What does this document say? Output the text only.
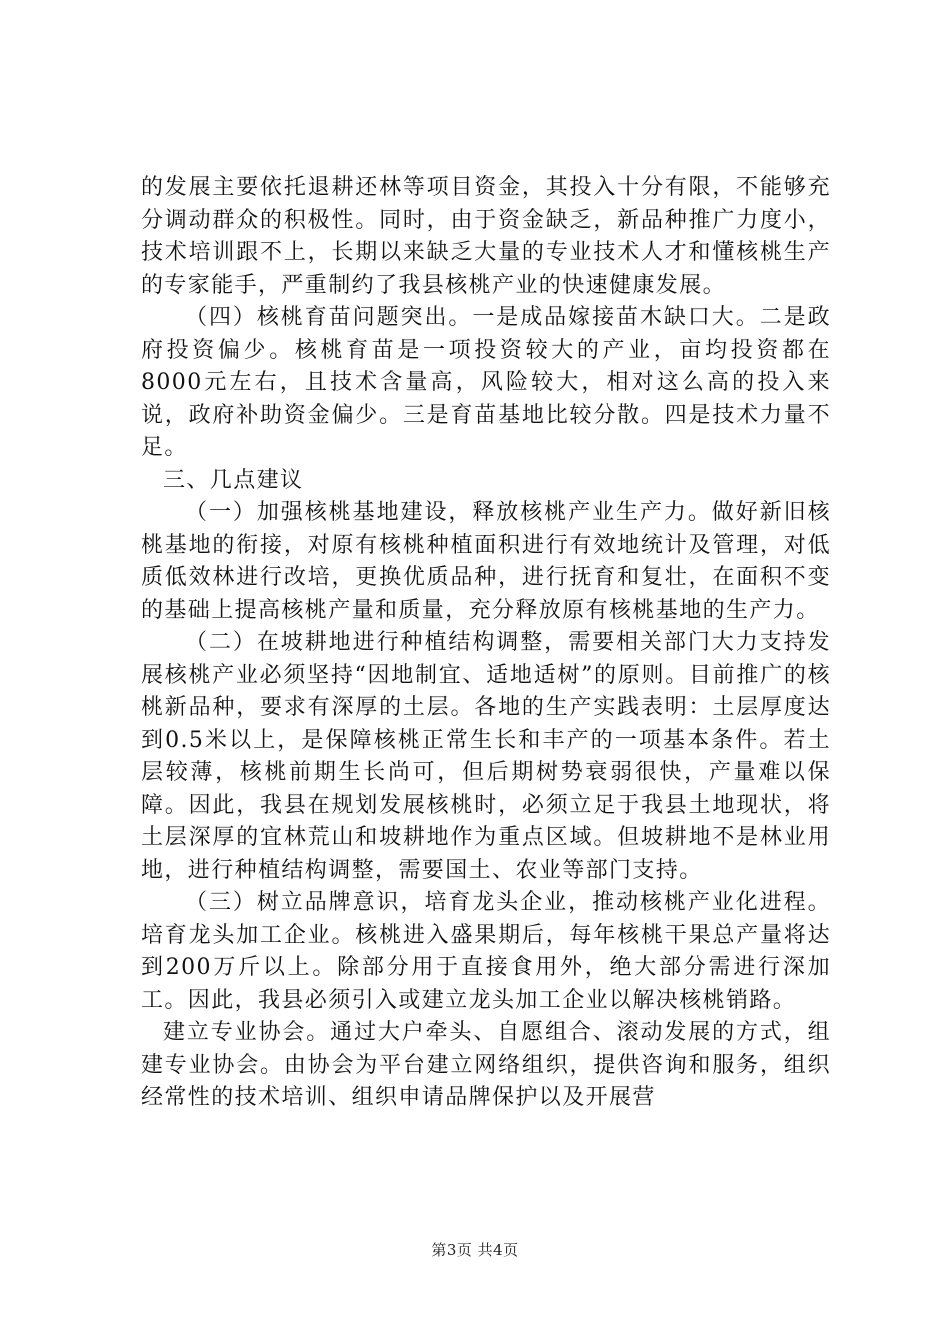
的发展主要依托退耕还林等项目资金，其投入十分有限，不能够充分调动群众的积极性。同时，由于资金缺乏，新品种推广力度小，技术培训跟不上，长期以来缺乏大量的专业技术人才和懂核桃生产的专家能手，严重制约了我县核桃产业的快速健康发展。

（四）核桃育苗问题突出。一是成品嫁接苗木缺口大。二是政府投资偏少。核桃育苗是一项投资较大的产业，亩均投资都在8000元左右，且技术含量高，风险较大，相对这么高的投入来说，政府补助资金偏少。三是育苗基地比较分散。四是技术力量不足。

三、几点建议

（一）加强核桃基地建设，释放核桃产业生产力。做好新旧核桃基地的衔接，对原有核桃种植面积进行有效地统计及管理，对低质低效林进行改培，更换优质品种，进行抚育和复壮，在面积不变的基础上提高核桃产量和质量，充分释放原有核桃基地的生产力。

（二）在坡耕地进行种植结构调整，需要相关部门大力支持发展核桃产业必须坚持“因地制宜、适地适树”的原则。目前推广的核桃新品种，要求有深厚的土层。各地的生产实践表明：土层厚度达到0.5米以上，是保障核桃正常生长和丰产的一项基本条件。若土层较薄，核桃前期生长尚可，但后期树势衰弱很快，产量难以保障。因此，我县在规划发展核桃时，必须立足于我县土地现状，将土层深厚的宜林荒山和坡耕地作为重点区域。但坡耕地不是林业用地，进行种植结构调整，需要国土、农业等部门支持。

（三）树立品牌意识，培育龙头企业，推动核桃产业化进程。培育龙头加工企业。核桃进入盛果期后，每年核桃干果总产量将达到200万斤以上。除部分用于直接食用外，绝大部分需进行深加工。因此，我县必须引入或建立龙头加工企业以解决核桃销路。

建立专业协会。通过大户牵头、自愿组合、滚动发展的方式，组建专业协会。由协会为平台建立网络组织，提供咨询和服务，组织经常性的技术培训、组织申请品牌保护以及开展营

第3页 共4页
